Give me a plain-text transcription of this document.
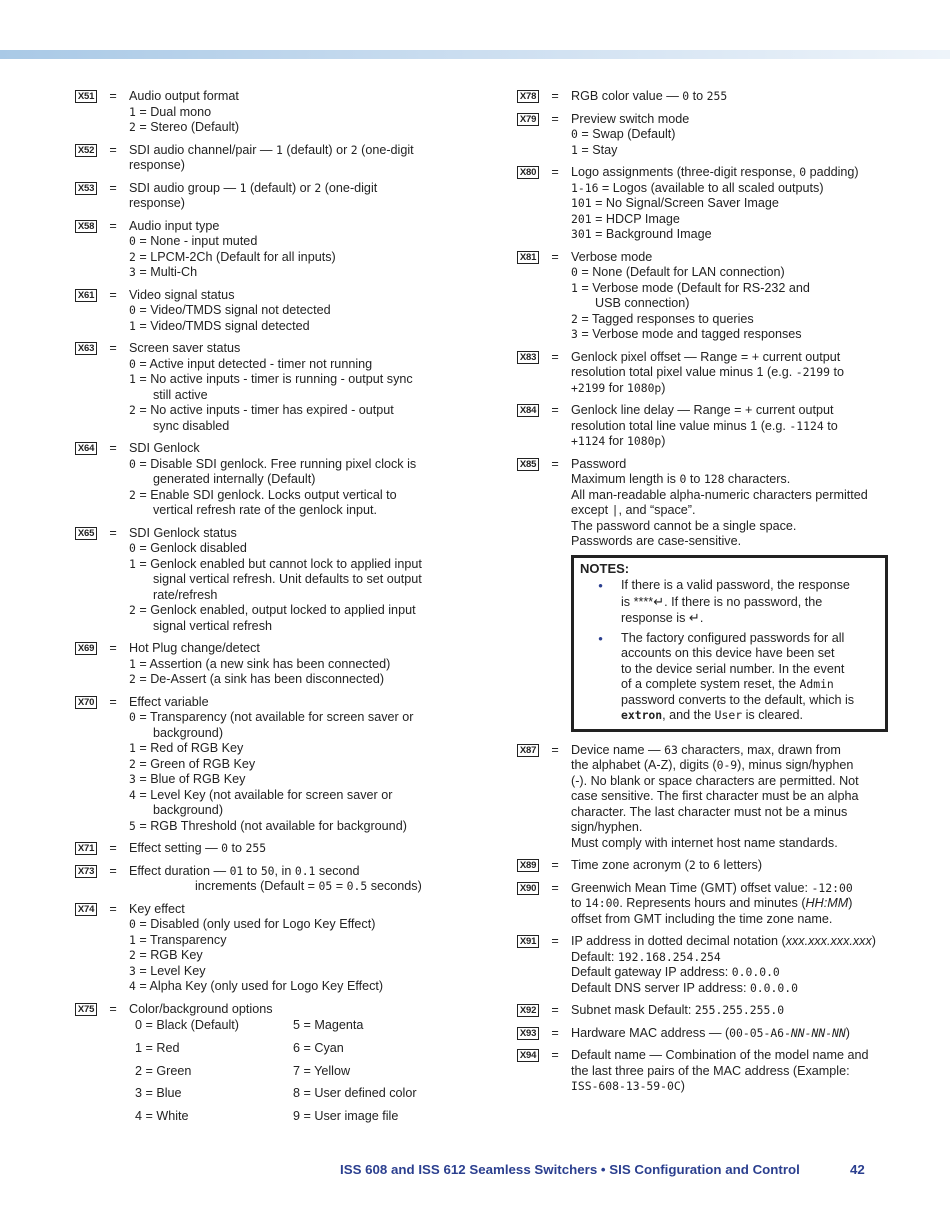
X51	= Audio output format
1 = Dual mono
2 = Stereo (Default)
X52	= SDI audio channel/pair — 1 (default) or 2 (one-digit
response)
X53	= SDI audio group — 1 (default) or 2 (one-digit
response)
X58	= Audio input type
0 = None - input muted
2 = LPCM-2Ch (Default for all inputs)
3 = Multi-Ch
X61	= Video signal status
0 = Video/TMDS signal not detected
1 = Video/TMDS signal detected
X63	= Screen saver status
0 = Active input detected - timer not running
1 = No active inputs - timer is running - output sync
still active
2 = No active inputs - timer has expired - output
sync disabled
X64	= SDI Genlock
0 = Disable SDI genlock. Free running pixel clock is
generated internally (Default)
2 = Enable SDI genlock. Locks output vertical to
vertical refresh rate of the genlock input.
X65	= SDI Genlock status
0 = Genlock disabled
1 = Genlock enabled but cannot lock to applied input
signal vertical refresh. Unit defaults to set output
rate/refresh
2 = Genlock enabled, output locked to applied input
signal vertical refresh
X69	= Hot Plug change/detect
1 = Assertion (a new sink has been connected)
2 = De-Assert (a sink has been disconnected)
X70	= Effect variable
0 = Transparency (not available for screen saver or
background)
1 = Red of RGB Key
2 = Green of RGB Key
3 = Blue of RGB Key
4 = Level Key (not available for screen saver or
background)
5 = RGB Threshold (not available for background)
X71	= Effect setting — 0 to 255
X73	= Effect duration — 01 to 50, in 0.1 second
increments (Default = 05 = 0.5 seconds)
X74	= Key effect
0 = Disabled (only used for Logo Key Effect)
1 = Transparency
2 = RGB Key
3 = Level Key
4 = Alpha Key (only used for Logo Key Effect)
X75	= Color/background options
0 = Black (Default)	5 = Magenta
1 = Red	6 = Cyan
2 = Green	7 = Yellow
3 = Blue	8 = User defined color
4 = White	9 = User image file
X78	= RGB color value — 0 to 255
X79	= Preview switch mode
0 = Swap (Default)
1 = Stay
X80	= Logo assignments (three-digit response, 0 padding)
1-16 = Logos (available to all scaled outputs)
101 = No Signal/Screen Saver Image
201 = HDCP Image
301 = Background Image
X81	= Verbose mode
0 = None (Default for LAN connection)
1 = Verbose mode (Default for RS-232 and
USB connection)
2 = Tagged responses to queries
3 = Verbose mode and tagged responses
X83	= Genlock pixel offset — Range = + current output
resolution total pixel value minus 1 (e.g. -2199 to
+2199 for 1080p)
X84	= Genlock line delay — Range = + current output
resolution total line value minus 1 (e.g. -1124 to
+1124 for 1080p)
X85	= Password
Maximum length is 0 to 128 characters.
All man-readable alpha-numeric characters permitted
except |, and “space”.
The password cannot be a single space.
Passwords are case-sensitive.
NOTES:
•	If there is a valid password, the response
is ****↵. If there is no password, the
response is ↵.
•	The factory configured passwords for all
accounts on this device have been set
to the device serial number. In the event
of a complete system reset, the Admin
password converts to the default, which is
extron, and the User is cleared.
X87	= Device name — 63 characters, max, drawn from
the alphabet (A-Z), digits (0-9), minus sign/hyphen
(-). No blank or space characters are permitted. Not
case sensitive. The first character must be an alpha
character. The last character must not be a minus
sign/hyphen.
Must comply with internet host name standards.
X89	= Time zone acronym (2 to 6 letters)
X90	= Greenwich Mean Time (GMT) offset value: -12:00
to 14:00. Represents hours and minutes (HH:MM)
offset from GMT including the time zone name.
X91	= IP address in dotted decimal notation (xxx.xxx.xxx.xxx)
Default: 192.168.254.254
Default gateway IP address: 0.0.0.0
Default DNS server IP address: 0.0.0.0
X92	= Subnet mask Default: 255.255.255.0
X93	= Hardware MAC address — (00-05-A6-NN-NN-NN)
X94	= Default name — Combination of the model name and
the last three pairs of the MAC address (Example:
ISS-608-13-59-0C)
ISS 608 and ISS 612 Seamless Switchers • SIS Configuration and Control	42
